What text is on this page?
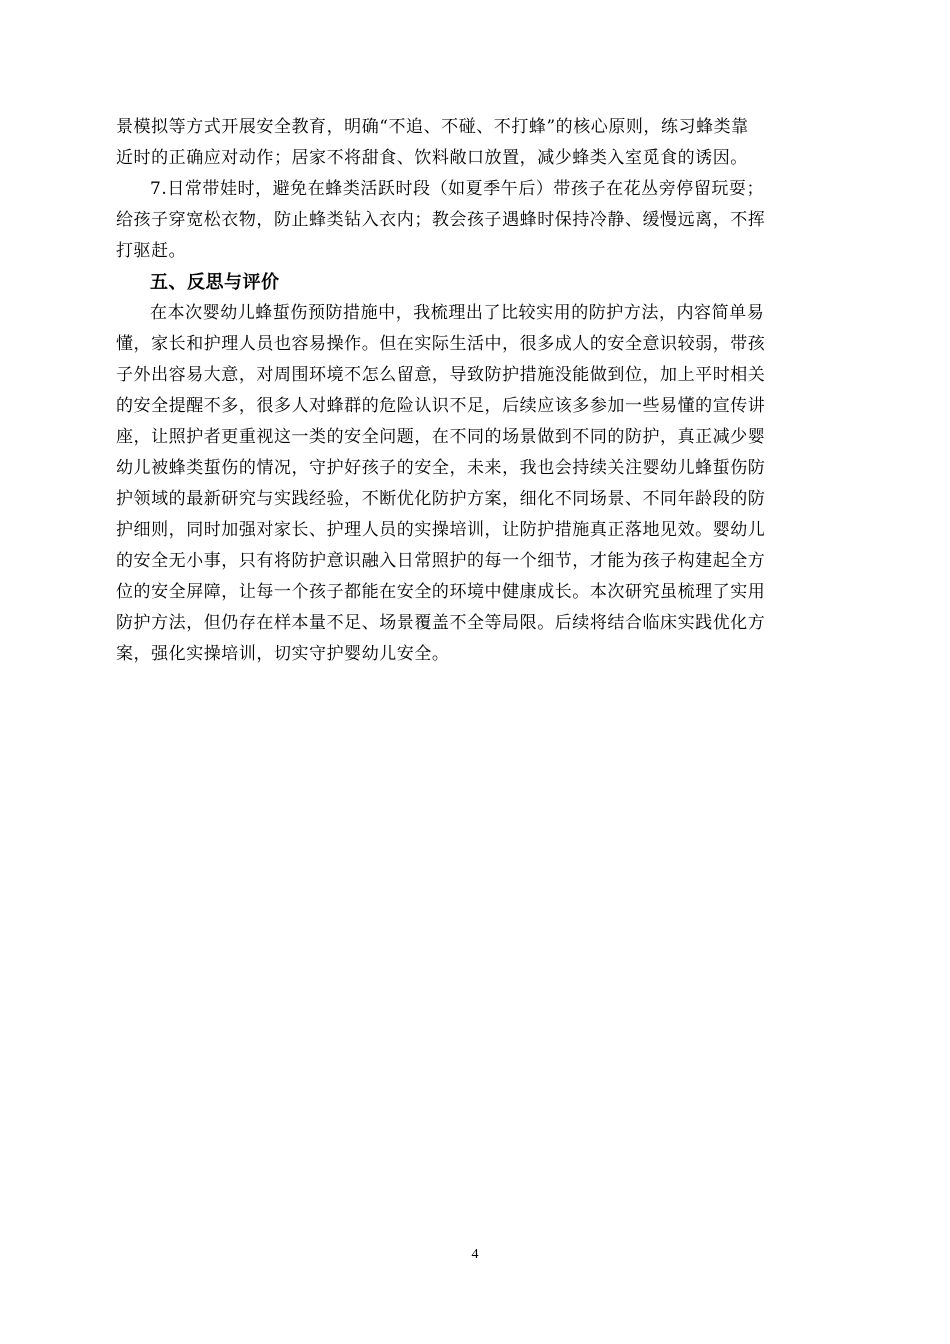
景模拟等方式开展安全教育，明确“不追、不碰、不打蜂”的核心原则，练习蜂类靠
近时的正确应对动作；居家不将甜食、饮料敞口放置，减少蜂类入室觅食的诱因。
7.日常带娃时，避免在蜂类活跃时段（如夏季午后）带孩子在花丛旁停留玩耍；
给孩子穿宽松衣物，防止蜂类钻入衣内；教会孩子遇蜂时保持冷静、缓慢远离，不挥
打驱赶。
五、反思与评价
在本次婴幼儿蜂蜇伤预防措施中，我梳理出了比较实用的防护方法，内容简单易
懂，家长和护理人员也容易操作。但在实际生活中，很多成人的安全意识较弱，带孩
子外出容易大意，对周围环境不怎么留意，导致防护措施没能做到位，加上平时相关
的安全提醒不多，很多人对蜂群的危险认识不足，后续应该多参加一些易懂的宣传讲
座，让照护者更重视这一类的安全问题，在不同的场景做到不同的防护，真正减少婴
幼儿被蜂类蜇伤的情况，守护好孩子的安全，未来，我也会持续关注婴幼儿蜂蜇伤防
护领域的最新研究与实践经验，不断优化防护方案，细化不同场景、不同年龄段的防
护细则，同时加强对家长、护理人员的实操培训，让防护措施真正落地见效。婴幼儿
的安全无小事，只有将防护意识融入日常照护的每一个细节，才能为孩子构建起全方
位的安全屏障，让每一个孩子都能在安全的环境中健康成长。本次研究虽梳理了实用
防护方法，但仍存在样本量不足、场景覆盖不全等局限。后续将结合临床实践优化方
案，强化实操培训，切实守护婴幼儿安全。
4
